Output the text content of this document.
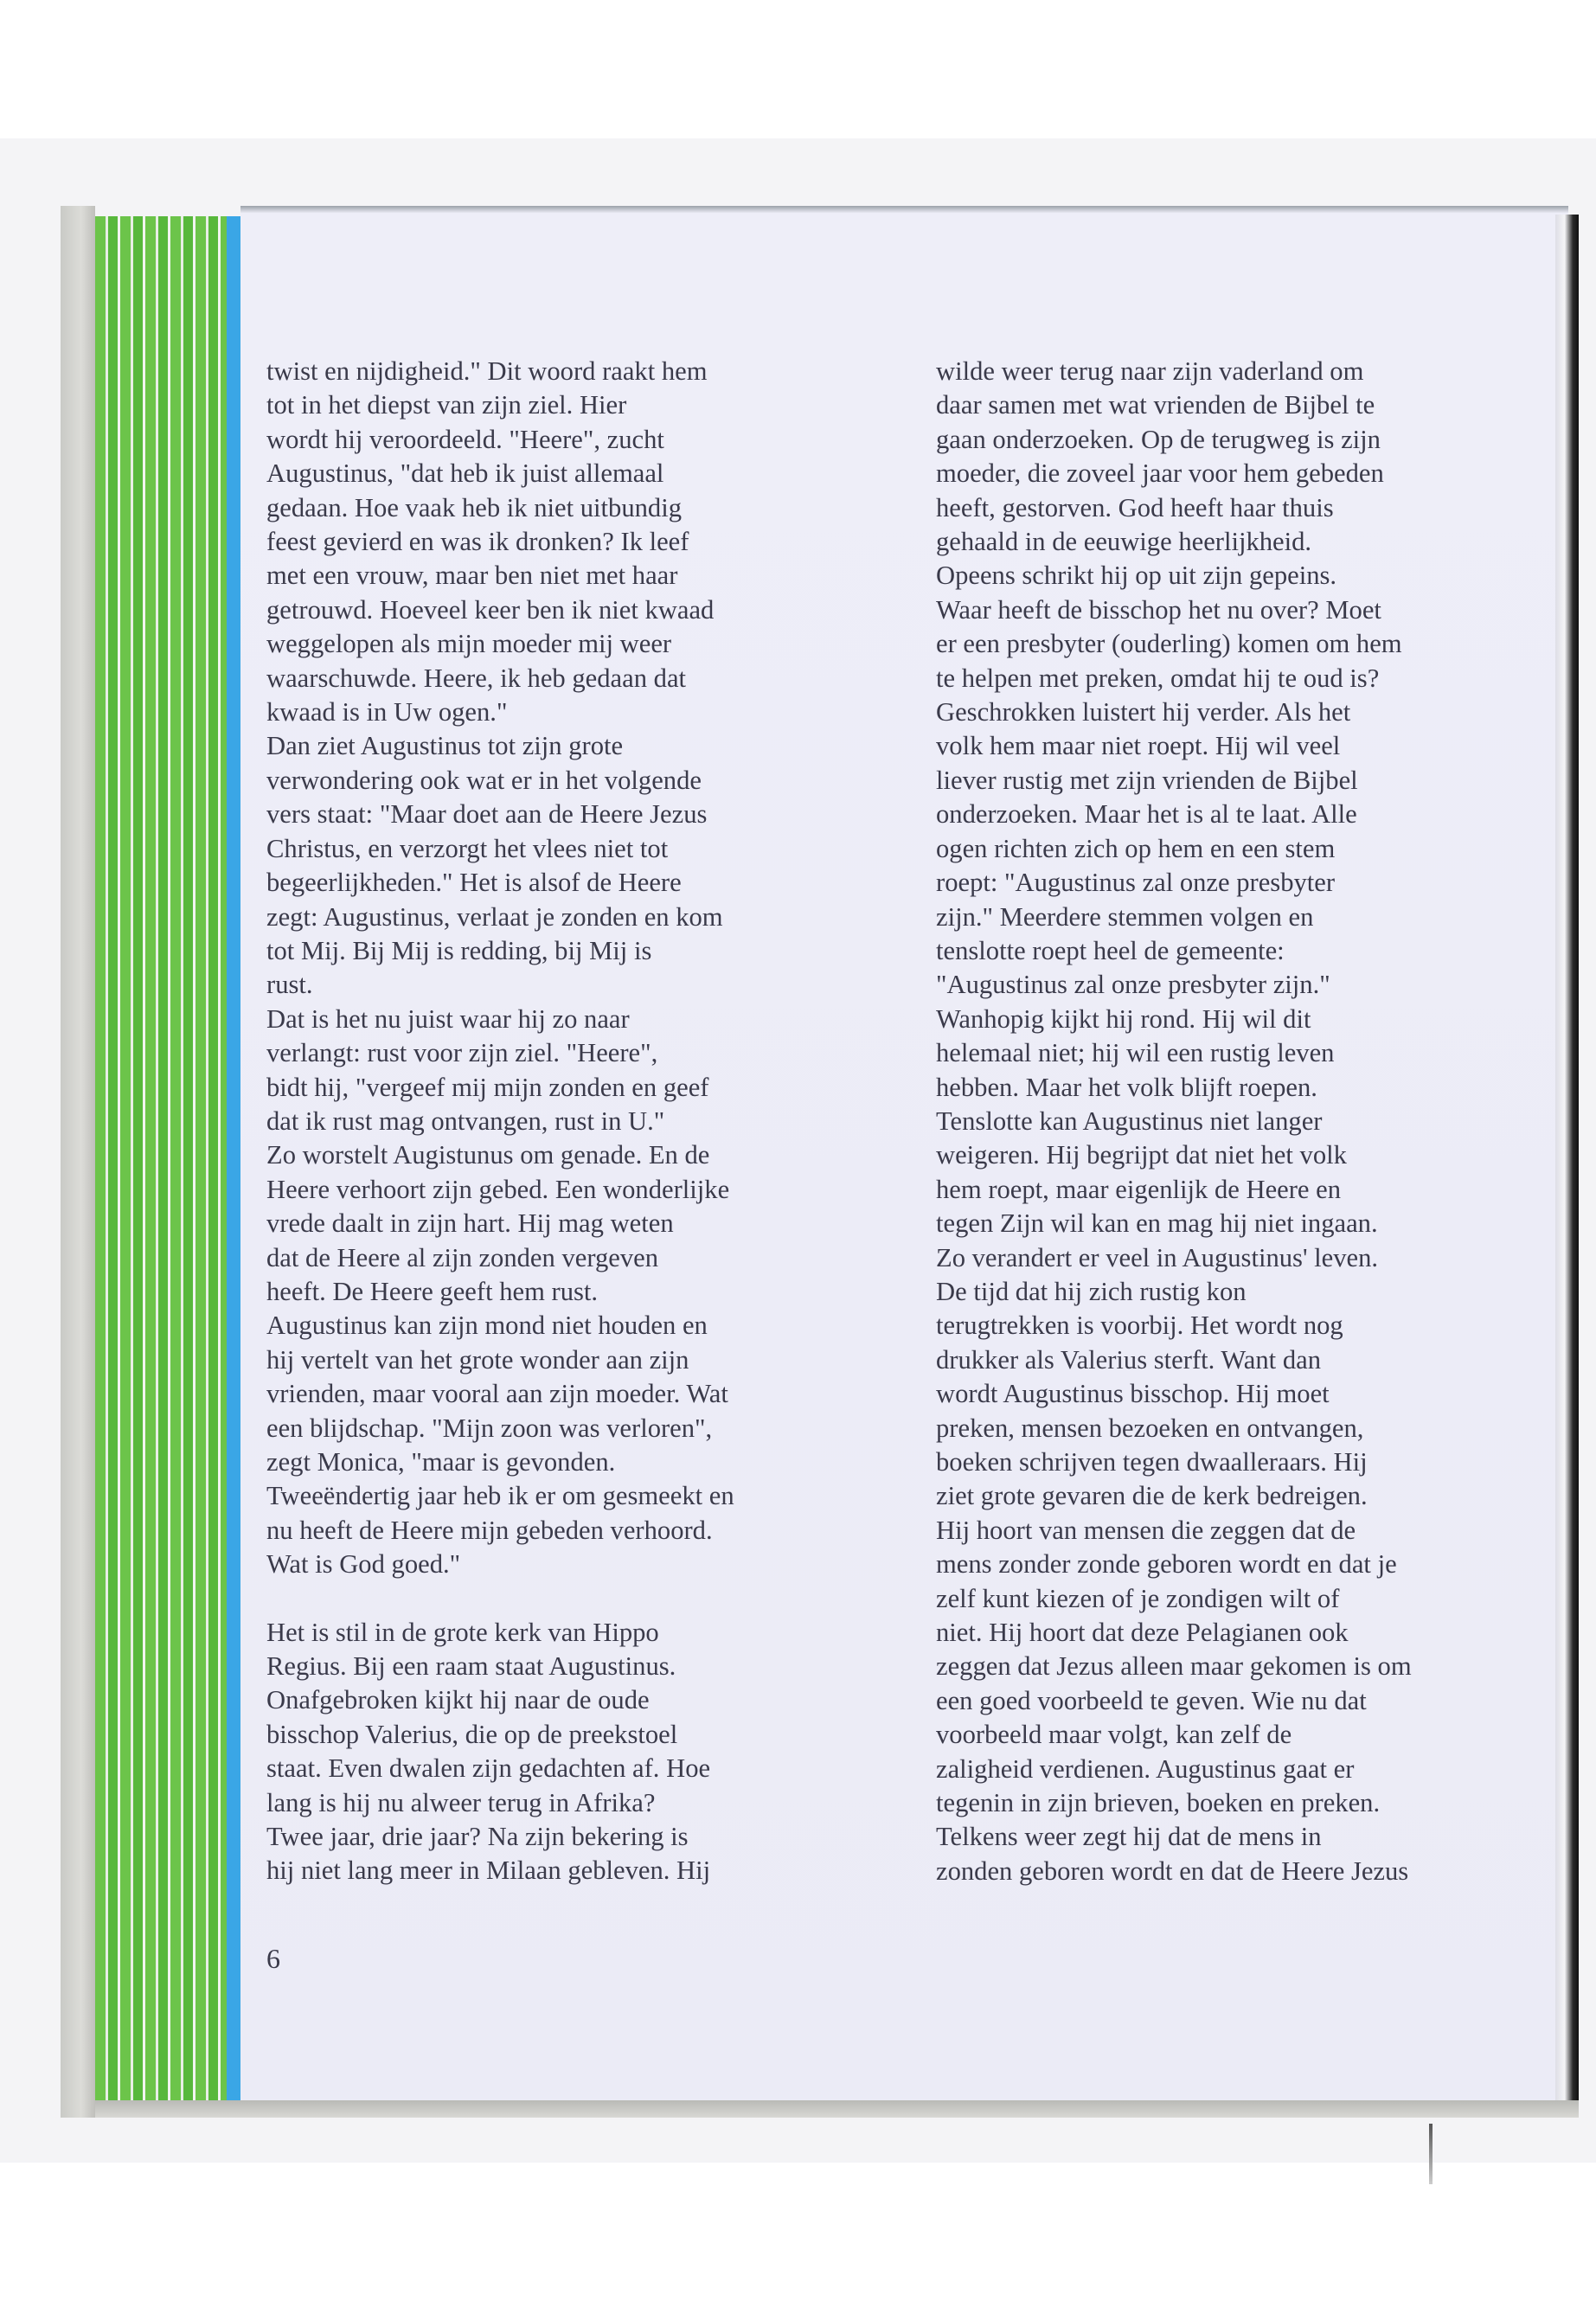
twist en nijdigheid." Dit woord raakt hem
tot in het diepst van zijn ziel. Hier
wordt hij veroordeeld. "Heere", zucht
Augustinus, "dat heb ik juist allemaal
gedaan. Hoe vaak heb ik niet uitbundig
feest gevierd en was ik dronken? Ik leef
met een vrouw, maar ben niet met haar
getrouwd. Hoeveel keer ben ik niet kwaad
weggelopen als mijn moeder mij weer
waarschuwde. Heere, ik heb gedaan dat
kwaad is in Uw ogen."
Dan ziet Augustinus tot zijn grote
verwondering ook wat er in het volgende
vers staat: "Maar doet aan de Heere Jezus
Christus, en verzorgt het vlees niet tot
begeerlijkheden." Het is alsof de Heere
zegt: Augustinus, verlaat je zonden en kom
tot Mij. Bij Mij is redding, bij Mij is
rust.
Dat is het nu juist waar hij zo naar
verlangt: rust voor zijn ziel. "Heere",
bidt hij, "vergeef mij mijn zonden en geef
dat ik rust mag ontvangen, rust in U."
Zo worstelt Augistunus om genade. En de
Heere verhoort zijn gebed. Een wonderlijke
vrede daalt in zijn hart. Hij mag weten
dat de Heere al zijn zonden vergeven
heeft. De Heere geeft hem rust.
Augustinus kan zijn mond niet houden en
hij vertelt van het grote wonder aan zijn
vrienden, maar vooral aan zijn moeder. Wat
een blijdschap. "Mijn zoon was verloren",
zegt Monica, "maar is gevonden.
Tweeëndertig jaar heb ik er om gesmeekt en
nu heeft de Heere mijn gebeden verhoord.
Wat is God goed."

Het is stil in de grote kerk van Hippo
Regius. Bij een raam staat Augustinus.
Onafgebroken kijkt hij naar de oude
bisschop Valerius, die op de preekstoel
staat. Even dwalen zijn gedachten af. Hoe
lang is hij nu alweer terug in Afrika?
Twee jaar, drie jaar? Na zijn bekering is
hij niet lang meer in Milaan gebleven. Hij

wilde weer terug naar zijn vaderland om
daar samen met wat vrienden de Bijbel te
gaan onderzoeken. Op de terugweg is zijn
moeder, die zoveel jaar voor hem gebeden
heeft, gestorven. God heeft haar thuis
gehaald in de eeuwige heerlijkheid.
Opeens schrikt hij op uit zijn gepeins.
Waar heeft de bisschop het nu over? Moet
er een presbyter (ouderling) komen om hem
te helpen met preken, omdat hij te oud is?
Geschrokken luistert hij verder. Als het
volk hem maar niet roept. Hij wil veel
liever rustig met zijn vrienden de Bijbel
onderzoeken. Maar het is al te laat. Alle
ogen richten zich op hem en een stem
roept: "Augustinus zal onze presbyter
zijn." Meerdere stemmen volgen en
tenslotte roept heel de gemeente:
"Augustinus zal onze presbyter zijn."
Wanhopig kijkt hij rond. Hij wil dit
helemaal niet; hij wil een rustig leven
hebben. Maar het volk blijft roepen.
Tenslotte kan Augustinus niet langer
weigeren. Hij begrijpt dat niet het volk
hem roept, maar eigenlijk de Heere en
tegen Zijn wil kan en mag hij niet ingaan.
Zo verandert er veel in Augustinus' leven.
De tijd dat hij zich rustig kon
terugtrekken is voorbij. Het wordt nog
drukker als Valerius sterft. Want dan
wordt Augustinus bisschop. Hij moet
preken, mensen bezoeken en ontvangen,
boeken schrijven tegen dwaalleraars. Hij
ziet grote gevaren die de kerk bedreigen.
Hij hoort van mensen die zeggen dat de
mens zonder zonde geboren wordt en dat je
zelf kunt kiezen of je zondigen wilt of
niet. Hij hoort dat deze Pelagianen ook
zeggen dat Jezus alleen maar gekomen is om
een goed voorbeeld te geven. Wie nu dat
voorbeeld maar volgt, kan zelf de
zaligheid verdienen. Augustinus gaat er
tegenin in zijn brieven, boeken en preken.
Telkens weer zegt hij dat de mens in
zonden geboren wordt en dat de Heere Jezus

6
